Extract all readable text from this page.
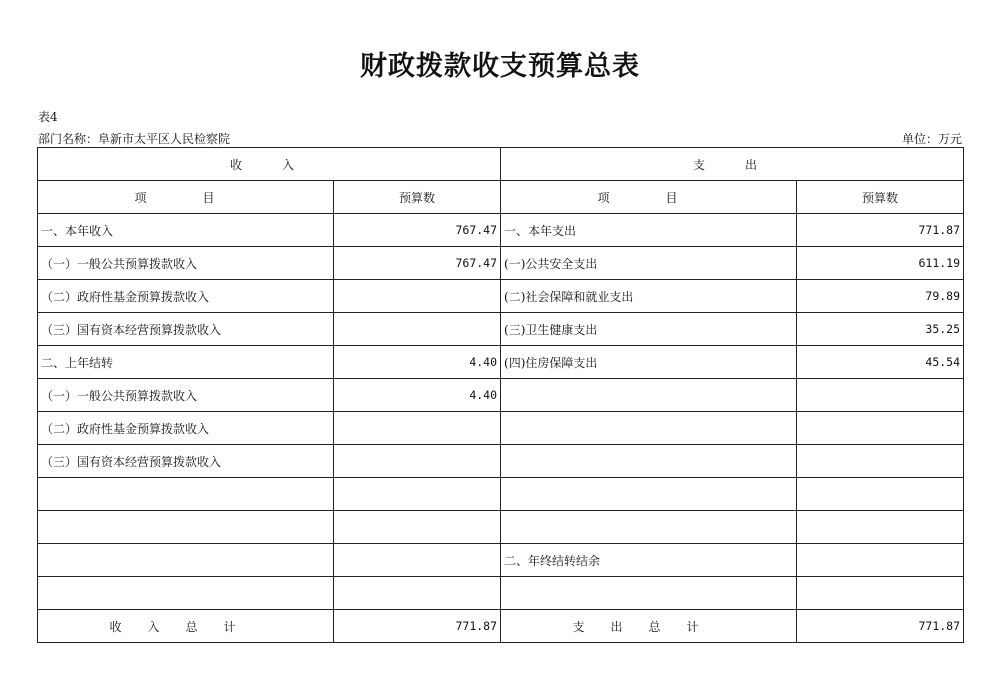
财政拨款收支预算总表
表4
部门名称：阜新市太平区人民检察院	单位：万元
收　入		支　出	
项　目	预算数	项　目	预算数
一、本年收入	767.47	一、本年支出	771.87
（一）一般公共预算拨款收入	767.47	(一)公共安全支出	611.19
（二）政府性基金预算拨款收入		(二)社会保障和就业支出	79.89
（三）国有资本经营预算拨款收入		(三)卫生健康支出	35.25
二、上年结转	4.40	(四)住房保障支出	45.54
（一）一般公共预算拨款收入	4.40		
（二）政府性基金预算拨款收入			
（三）国有资本经营预算拨款收入			

		二、年终结转结余	

收入总计	771.87	支出总计	771.87
